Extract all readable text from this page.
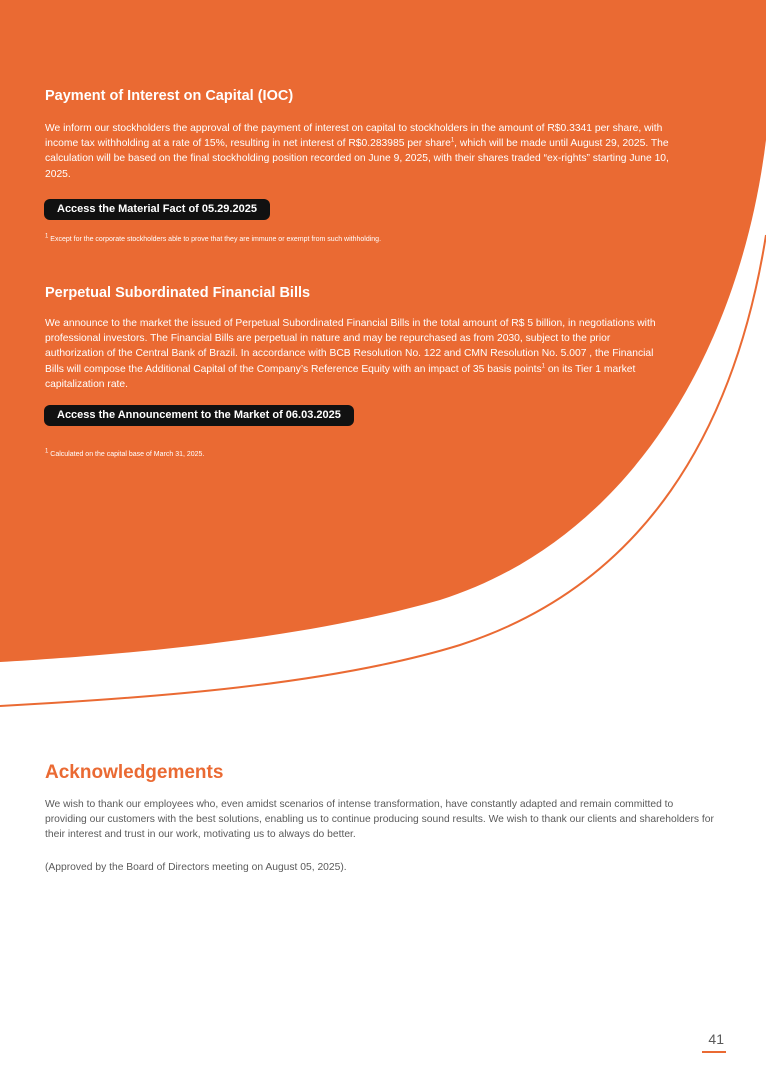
Payment of Interest on Capital (IOC)

We inform our stockholders the approval of the payment of interest on capital to stockholders in the amount of R$0.3341 per share, with income tax withholding at a rate of 15%, resulting in net interest of R$0.283985 per share$^1$, which will be made until August 29, 2025. The calculation will be based on the final stockholding position recorded on June 9, 2025, with their shares traded “ex-rights” starting June 10, 2025.

Access the Material Fact of 05.29.2025

$^1$ Except for the corporate stockholders able to prove that they are immune or exempt from such withholding.

Perpetual Subordinated Financial Bills

We announce to the market the issued of Perpetual Subordinated Financial Bills in the total amount of R$ 5 billion, in negotiations with professional investors. The Financial Bills are perpetual in nature and may be repurchased as from 2030, subject to the prior authorization of the Central Bank of Brazil. In accordance with BCB Resolution No. 122 and CMN Resolution No. 5.007 , the Financial Bills will compose the Additional Capital of the Company’s Reference Equity with an impact of 35 basis points$^1$ on its Tier 1 market capitalization rate.

Access the Announcement to the Market of 06.03.2025

$^1$ Calculated on the capital base of March 31, 2025.

Acknowledgements

We wish to thank our employees who, even amidst scenarios of intense transformation, have constantly adapted and remain committed to providing our customers with the best solutions, enabling us to continue producing sound results. We wish to thank our clients and shareholders for their interest and trust in our work, motivating us to always do better.

(Approved by the Board of Directors meeting on August 05, 2025).

41
